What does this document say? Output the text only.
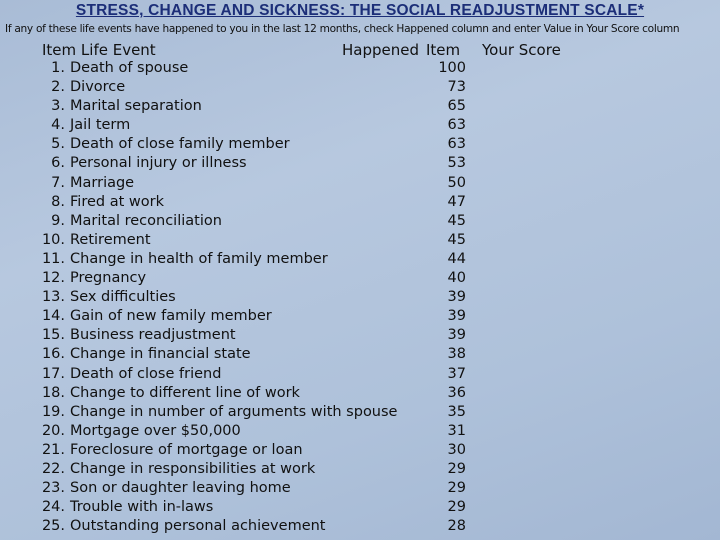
STRESS, CHANGE AND SICKNESS: THE SOCIAL READJUSTMENT SCALE*
If any of these life events have happened to you in the last 12 months, check Happened column and enter Value in Your Score column
Item Life Event	Happened Item Your Score
1. Death of spouse	100
2. Divorce	73
3. Marital separation	65
4. Jail term	63
5. Death of close family member	63
6. Personal injury or illness	53
7. Marriage	50
8. Fired at work	47
9. Marital reconciliation	45
10. Retirement	45
11. Change in health of family member	44
12. Pregnancy	40
13. Sex difficulties	39
14. Gain of new family member	39
15. Business readjustment	39
16. Change in financial state	38
17. Death of close friend	37
18. Change to different line of work	36
19. Change in number of arguments with spouse	35
20. Mortgage over $50,000	31
21. Foreclosure of mortgage or loan	30
22. Change in responsibilities at work	29
23. Son or daughter leaving home	29
24. Trouble with in-laws	29
25. Outstanding personal achievement	28
